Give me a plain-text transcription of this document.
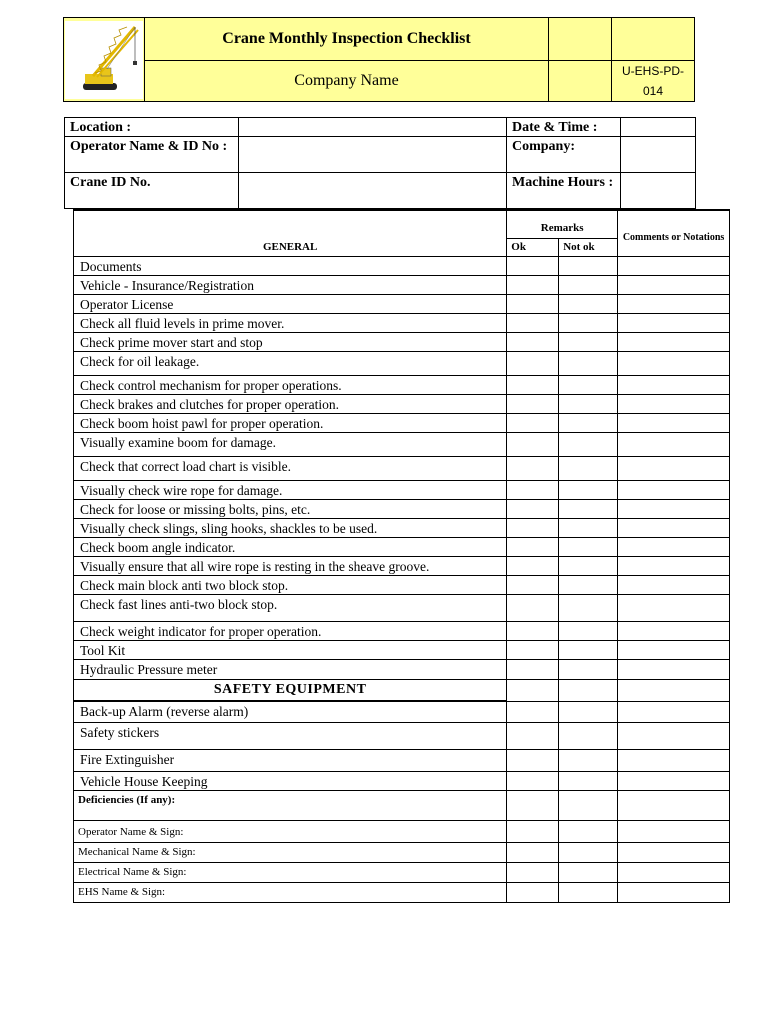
	Crane Monthly Inspection Checklist		
	Company Name		U-EHS-PD-
014
Location :		Date & Time :	
Operator Name & ID No :		Company:	
Crane ID No.		Machine Hours :	
GENERAL	Remarks		Comments or Notations
	Ok	Not ok	
Documents			
Vehicle - Insurance/Registration			
Operator License			
Check all fluid levels in prime mover.			
Check prime mover start and stop			
Check for oil leakage.			
Check control mechanism for proper operations.			
Check brakes and clutches for proper operation.			
Check boom hoist pawl for proper operation.			
Visually examine boom for damage.			
Check that correct load chart is visible.			
Visually check wire rope for damage.			
Check for loose or missing bolts, pins, etc.			
Visually check slings, sling hooks, shackles to be used.			
Check boom angle indicator.			
Visually ensure that all wire rope is resting in the sheave groove.			
Check main block anti two block stop.			
Check fast lines anti-two block stop.			
Check weight indicator for proper operation.			
Tool Kit			
Hydraulic Pressure meter			
SAFETY EQUIPMENT			
Back-up Alarm (reverse alarm)			
Safety stickers			
Fire Extinguisher			
Vehicle House Keeping			
Deficiencies (If any):			
Operator Name & Sign:			
Mechanical Name & Sign:			
Electrical Name & Sign:			
EHS Name & Sign:			
